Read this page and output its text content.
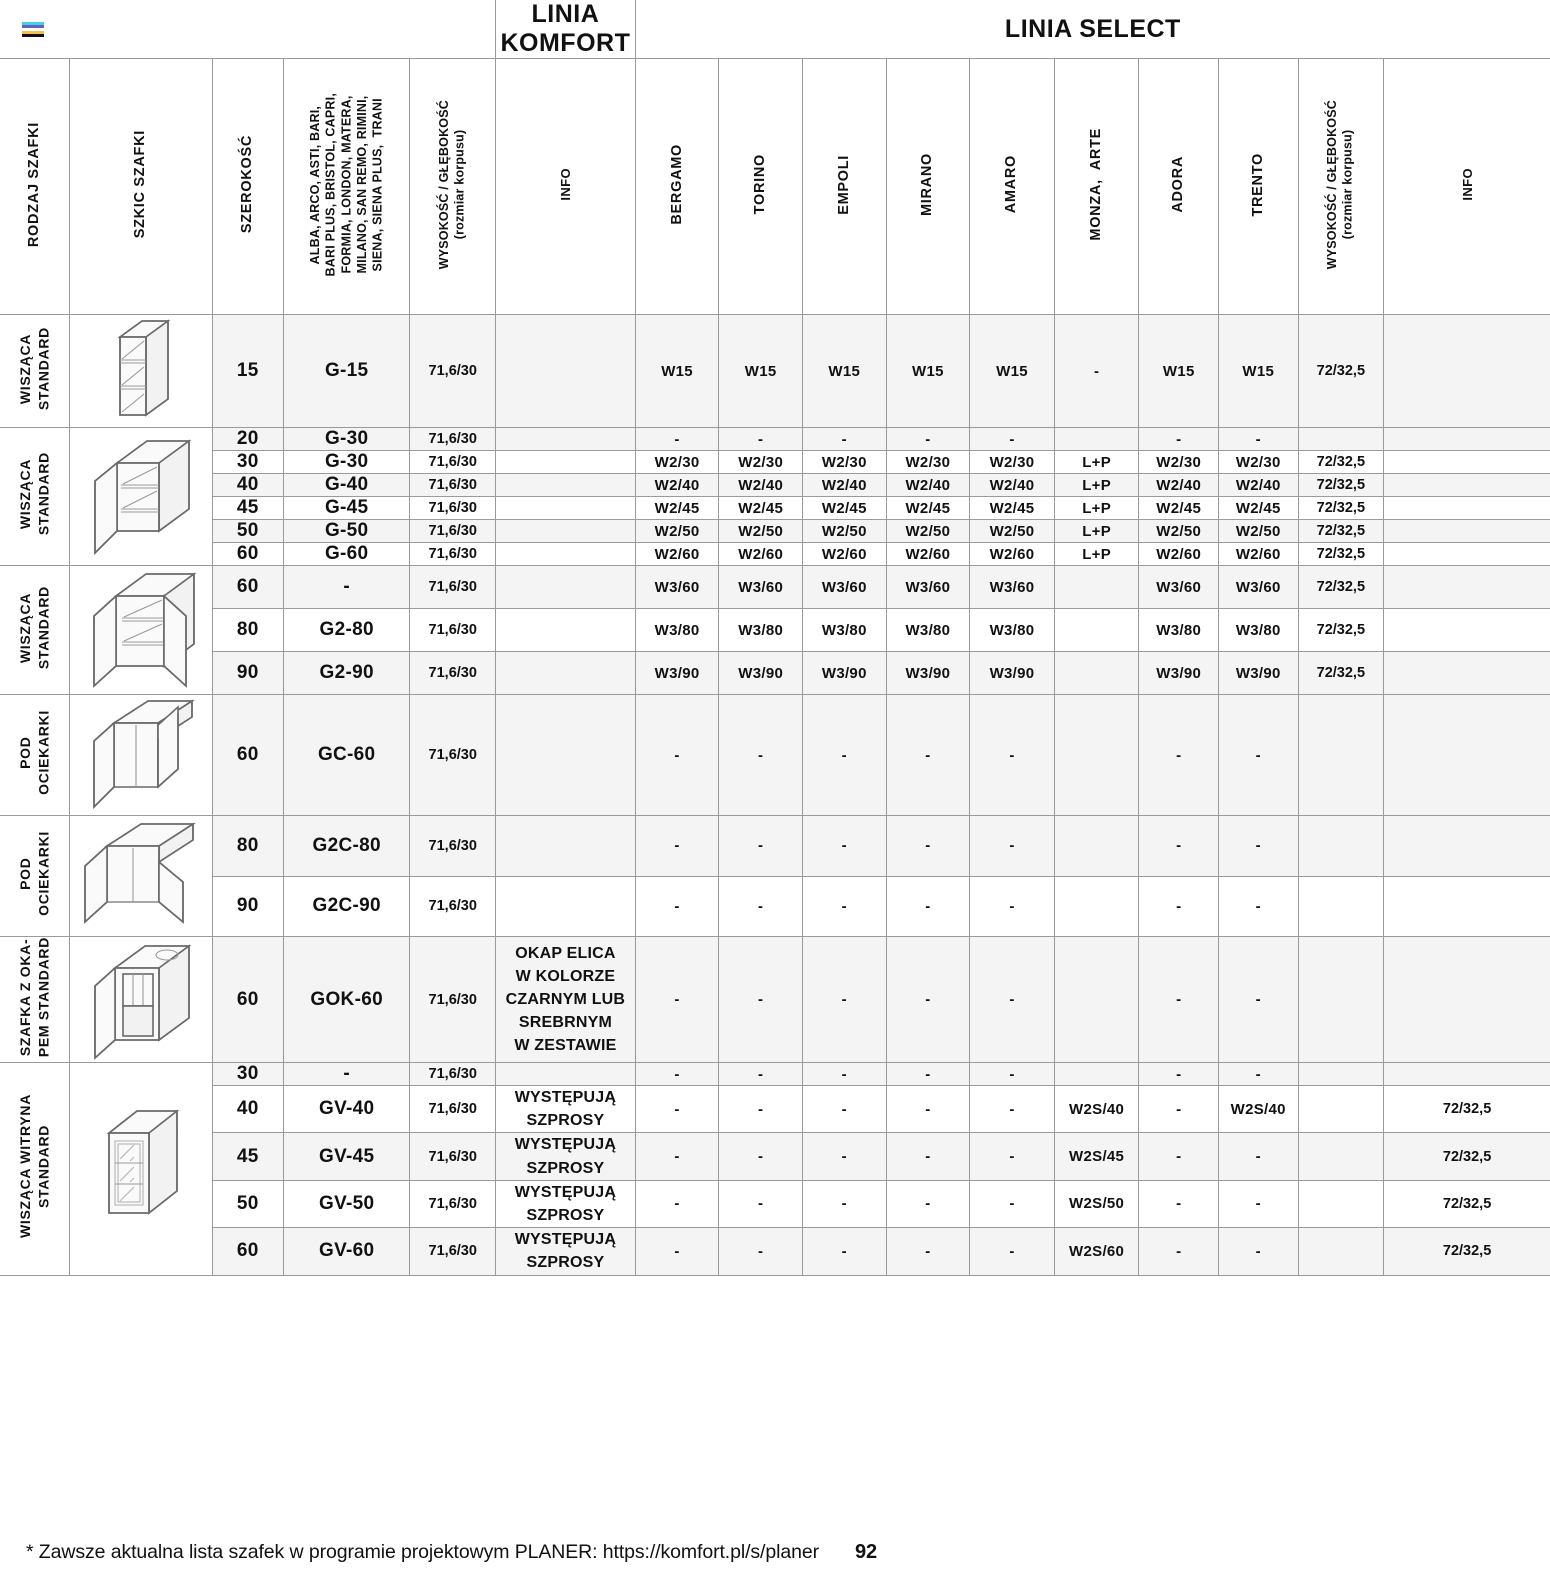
					LINIA KOMFORT	LINIA SELECT									
RODZAJ SZAFKI	SZKIC SZAFKI	SZEROKOŚĆ	ALBA, ARCO, ASTI, BARI, BARI PLUS, BRISTOL, CAPRI, FORMIA, LONDON, MATERA, MILANO, SAN REMO, RIMINI, SIENA, SIENA PLUS,  TRANI	WYSOKOŚĆ / GŁĘBOKOŚĆ (rozmiar korpusu)	INFO	BERGAMO	TORINO	EMPOLI	MIRANO	AMARO	MONZA,  ARTE	ADORA	TRENTO	WYSOKOŚĆ / GŁĘBOKOŚĆ (rozmiar korpusu)	INFO
WISZĄCA STANDARD		15	G-15	71,6/30		W15	W15	W15	W15	W15	-	W15	W15	72/32,5	
WISZĄCA STANDARD		20	G-30	71,6/30		-	-	-	-	-		-	-		
		30	G-30	71,6/30		W2/30	W2/30	W2/30	W2/30	W2/30	L+P	W2/30	W2/30	72/32,5	
		40	G-40	71,6/30		W2/40	W2/40	W2/40	W2/40	W2/40	L+P	W2/40	W2/40	72/32,5	
		45	G-45	71,6/30		W2/45	W2/45	W2/45	W2/45	W2/45	L+P	W2/45	W2/45	72/32,5	
		50	G-50	71,6/30		W2/50	W2/50	W2/50	W2/50	W2/50	L+P	W2/50	W2/50	72/32,5	
		60	G-60	71,6/30		W2/60	W2/60	W2/60	W2/60	W2/60	L+P	W2/60	W2/60	72/32,5	
WISZĄCA STANDARD		60	-	71,6/30		W3/60	W3/60	W3/60	W3/60	W3/60		W3/60	W3/60	72/32,5	
		80	G2-80	71,6/30		W3/80	W3/80	W3/80	W3/80	W3/80		W3/80	W3/80	72/32,5	
		90	G2-90	71,6/30		W3/90	W3/90	W3/90	W3/90	W3/90		W3/90	W3/90	72/32,5	
POD OCIEKARKI		60	GC-60	71,6/30		-	-	-	-	-		-	-		
POD OCIEKARKI		80	G2C-80	71,6/30		-	-	-	-	-		-	-		
		90	G2C-90	71,6/30		-	-	-	-	-		-	-		
SZAFKA Z OKA- PEM STANDARD		60	GOK-60	71,6/30	OKAP ELICA
W KOLORZE
CZARNYM LUB
SREBRNYM
W ZESTAWIE	-	-	-	-	-		-	-		
WISZĄCA WITRYNA STANDARD		30	-	71,6/30		-	-	-	-	-		-	-		
		40	GV-40	71,6/30	WYSTĘPUJĄ
SZPROSY	-	-	-	-	-	W2S/40	-	W2S/40		72/32,5
		45	GV-45	71,6/30	WYSTĘPUJĄ
SZPROSY	-	-	-	-	-	W2S/45	-	-		72/32,5
		50	GV-50	71,6/30	WYSTĘPUJĄ
SZPROSY	-	-	-	-	-	W2S/50	-	-		72/32,5
		60	GV-60	71,6/30	WYSTĘPUJĄ
SZPROSY	-	-	-	-	-	W2S/60	-	-		72/32,5
* Zawsze aktualna lista szafek w programie projektowym PLANER: https://komfort.pl/s/planer 92
